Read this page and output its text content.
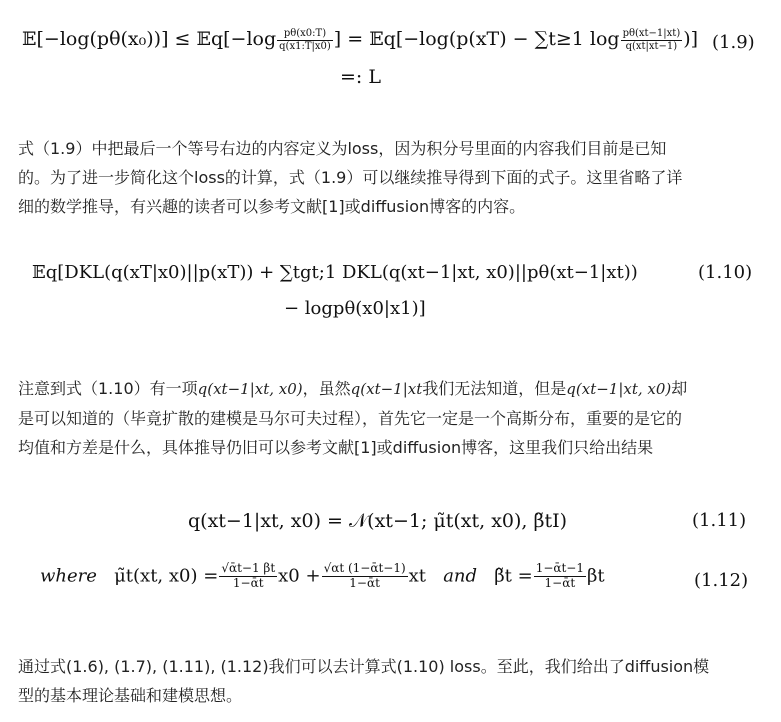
𝔼[−log(pθ(x₀))] ≤ 𝔼q[−log $\frac{p\theta(x0:T)}{q(x1:T|x0)}$ ] = 𝔼q[−log(p(xT) − ∑t≥1 $\log \frac{p\theta(xt-1|xt)}{q(xt|xt-1)}$ )] (1.9)
=: L

式（1.9）中把最后一个等号右边的内容定义为loss，因为积分号里面的内容我们目前是已知

的。为了进一步简化这个loss的计算，式（1.9）可以继续推导得到下面的式子。这里省略了详

细的数学推导，有兴趣的读者可以参考文献[1]或diffusion博客的内容。

𝔼q[DKL(q(xT|x0)||p(xT)) + ∑tgt;1 DKL(q(xt−1|xt, x0)||pθ(xt−1|xt))	(1.10)
− logpθ(x0|x1)]

注意到式（1.10）有一项q(xt−1|xt, x0)，虽然q(xt−1|xt我们无法知道，但是q(xt−1|xt, x0)却

是可以知道的（毕竟扩散的建模是马尔可夫过程），首先它一定是一个高斯分布，重要的是它的

均值和方差是什么，具体推导仍旧可以参考文献[1]或diffusion博客，这里我们只给出结果

q(xt−1|xt, x0) = 𝒩(xt−1; μ̃t(xt, x0), β̃tI)	(1.11)
where μ̃t(xt, $x0) = \frac{\text{√ᾱt−1 βt}}{\text{1−ᾱt}} x0 + \frac{\text{√αt (1−ᾱt−1)}}{\text{1−ᾱt}}$ xt and β̃t = $\frac{\text{1−ᾱt−1}}{\text{1−ᾱt}}$ βt	(1.12)

通过式(1.6), (1.7), (1.11), (1.12)我们可以去计算式(1.10) loss。至此，我们给出了diffusion模

型的基本理论基础和建模思想。
